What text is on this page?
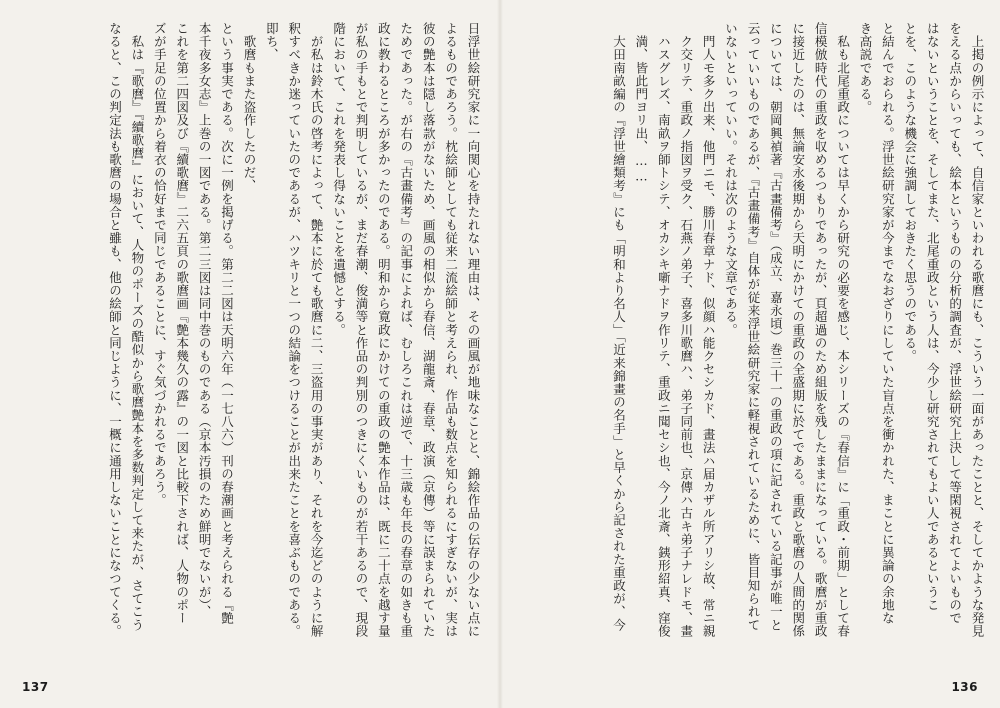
日浮世絵研究家に一向関心を持たれない理由は、その画風が地味なことと、錦絵作品の伝存の少ない点に
よるものであろう。枕絵師としても従来二流絵師と考えられ、作品も数点を知られるにすぎないが、実は
彼の艶本は隠し落款がないため、画風の相似から春信、湖龍斎、春章、政演（京傳）等に誤まられていた
ためであった。が右の『古畫備考』の記事によれば、むしろこれは逆で、十三歳も年長の春章の如きも重
政に教わるところが多かったのである。明和から寛政にかけての重政の艶本作品は、既に二十点を越す量
が私の手もとで判明しているが、まだ春潮、俊満等と作品の判別のつきにくいものが若干あるので、現段
階において、これを発表し得ないことを遺憾とする。
　が私は鈴木氏の啓考によって、艶本に於ても歌麿に二、三盗用の事実があり、それを今迄どのように解
釈すべきか迷っていたのであるが、ハツキリと一つの結論をつけることが出来たことを喜ぶものである。
即ち、
　歌麿もまた盗作したのだ、
という事実である。次に一例を掲げる。第二二図は天明六年（一七八六）刊の春潮画と考えられる『艶
本千夜多女志』上巻の一図である。第二三図は同中巻のものである（京本汚損のため鮮明でないが）、
これを第二四図及び『續歌麿』二六五頁の歌麿画『艶本幾久の露』の一図と比較下されば、人物のポー
ズが手足の位置から着衣の恰好まで同じであることに、すぐ気づかれるであろう。
　私は『歌麿』『續歌麿』において、人物のポーズの酷似から歌麿艶本を多数判定して来たが、さてこう
なると、この判定法も歌麿の場合と雖も、他の絵師と同じように、一概に通用しないことになつてくる。
137
　上掲の例示によって、自信家といわれる歌麿にも、こういう一面があったことと、そしてかような発見
をえる点からいっても、絵本というものの分析的調査が、浮世絵研究上決して等閑視されてよいもので
はないということを、そしてまた、北尾重政という人は、今少し研究されてもよい人であるというこ
とを、このような機会に強調しておきたく思うのである。
と結んでおられる。浮世絵研究家が今までなおざりにしていた盲点を衝かれた、まことに異論の余地な
き高説である。
　私も北尾重政については早くから研究の必要を感じ、本シリーズの『春信』に「重政・前期」として春
信模倣時代の重政を収めるつもりであったが、頁超過のため組版を残したままになっている。歌麿が重政
に接近したのは、無論安永後期から天明にかけての重政の全盛期に於てである。重政と歌麿の人間的関係
については、朝岡興禎著『古畫備考』（成立、嘉永頃）巻三十一の重政の項に記されている記事が唯一と
云っていいものであるが、『古畫備考』自体が従来浮世絵研究家に軽視されているために、皆目知られて
いないといっていい。それは次のような文章である。
　門人モ多ク出来、他門ニモ、勝川春章ナド、似顔ハ能クセシカド、畫法ハ届カザル所アリシ故、常ニ親
　ク交リテ、重政ノ指図ヲ受ク、石燕ノ弟子、喜多川歌麿ハ、弟子同前也、京傳ハ古キ弟子ナレドモ、畫
　ハスグレズ、南畝ヲ師トシテ、オカシキ噺ナドヲ作リテ、重政ニ聞セシ也、今ノ北斎、銕形紹真、窪俊
　満、皆此門ヨリ出、……
　大田南畝編の『浮世繪類考』にも「明和より名人」「近来錦畫の名手」と早くから記された重政が、今
136
